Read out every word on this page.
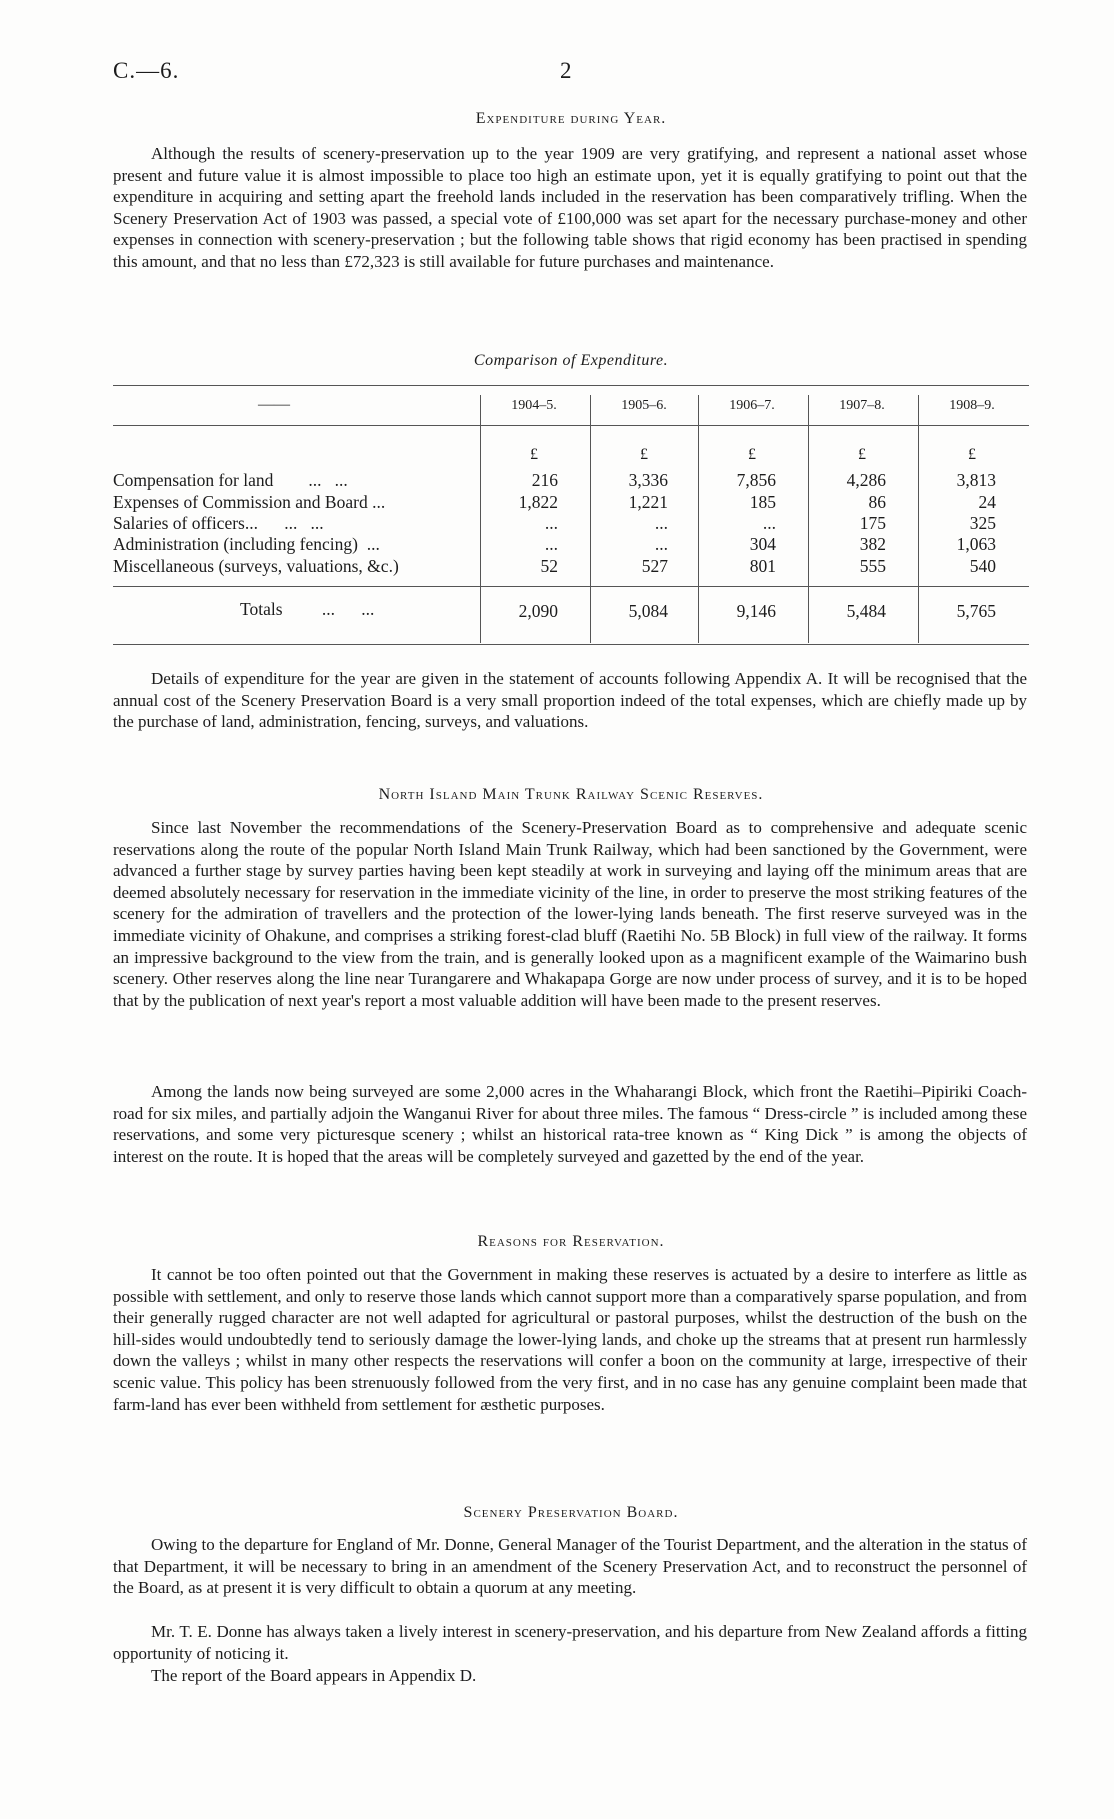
C.—6.	2
Expenditure during Year.

Although the results of scenery-preservation up to the year 1909 are very gratifying, and represent a national asset whose present and future value it is almost impossible to place too high an estimate upon, yet it is equally gratifying to point out that the expenditure in acquiring and setting apart the freehold lands included in the reservation has been comparatively trifling. When the Scenery Preservation Act of 1903 was passed, a special vote of £100,000 was set apart for the necessary purchase-money and other expenses in connection with scenery-preservation ; but the following table shows that rigid economy has been practised in spending this amount, and that no less than £72,323 is still available for future purchases and maintenance.

Comparison of Expenditure.
——	1904–5.	1905–6.	1906–7.	1907–8.	1908–9.
£	£	£	£	£
Compensation for land        ...   ...	216	3,336	7,856	4,286	3,813
Expenses of Commission and Board ...	1,822	1,221	185	86	24
Salaries of officers...      ...   ...	...	...	...	175	325
Administration (including fencing)  ...	...	...	304	382	1,063
Miscellaneous (surveys, valuations, &c.)	52	527	801	555	540
Totals         ...      ...	2,090	5,084	9,146	5,484	5,765

Details of expenditure for the year are given in the statement of accounts following Appendix A. It will be recognised that the annual cost of the Scenery Preservation Board is a very small proportion indeed of the total expenses, which are chiefly made up by the purchase of land, administration, fencing, surveys, and valuations.

North Island Main Trunk Railway Scenic Reserves.

Since last November the recommendations of the Scenery-Preservation Board as to comprehensive and adequate scenic reservations along the route of the popular North Island Main Trunk Railway, which had been sanctioned by the Government, were advanced a further stage by survey parties having been kept steadily at work in surveying and laying off the minimum areas that are deemed absolutely necessary for reservation in the immediate vicinity of the line, in order to preserve the most striking features of the scenery for the admiration of travellers and the protection of the lower-lying lands beneath. The first reserve surveyed was in the immediate vicinity of Ohakune, and comprises a striking forest-clad bluff (Raetihi No. 5B Block) in full view of the railway. It forms an impressive background to the view from the train, and is generally looked upon as a magnificent example of the Waimarino bush scenery. Other reserves along the line near Turangarere and Whakapapa Gorge are now under process of survey, and it is to be hoped that by the publication of next year's report a most valuable addition will have been made to the present reserves.

Among the lands now being surveyed are some 2,000 acres in the Whaharangi Block, which front the Raetihi–Pipiriki Coach-road for six miles, and partially adjoin the Wanganui River for about three miles. The famous “ Dress-circle ” is included among these reservations, and some very picturesque scenery ; whilst an historical rata-tree known as “ King Dick ” is among the objects of interest on the route. It is hoped that the areas will be completely surveyed and gazetted by the end of the year.

Reasons for Reservation.

It cannot be too often pointed out that the Government in making these reserves is actuated by a desire to interfere as little as possible with settlement, and only to reserve those lands which cannot support more than a comparatively sparse population, and from their generally rugged character are not well adapted for agricultural or pastoral purposes, whilst the destruction of the bush on the hill-sides would undoubtedly tend to seriously damage the lower-lying lands, and choke up the streams that at present run harmlessly down the valleys ; whilst in many other respects the reservations will confer a boon on the community at large, irrespective of their scenic value. This policy has been strenuously followed from the very first, and in no case has any genuine complaint been made that farm-land has ever been withheld from settlement for æsthetic purposes.

Scenery Preservation Board.

Owing to the departure for England of Mr. Donne, General Manager of the Tourist Department, and the alteration in the status of that Department, it will be necessary to bring in an amendment of the Scenery Preservation Act, and to reconstruct the personnel of the Board, as at present it is very difficult to obtain a quorum at any meeting.

Mr. T. E. Donne has always taken a lively interest in scenery-preservation, and his departure from New Zealand affords a fitting opportunity of noticing it.

The report of the Board appears in Appendix D.
